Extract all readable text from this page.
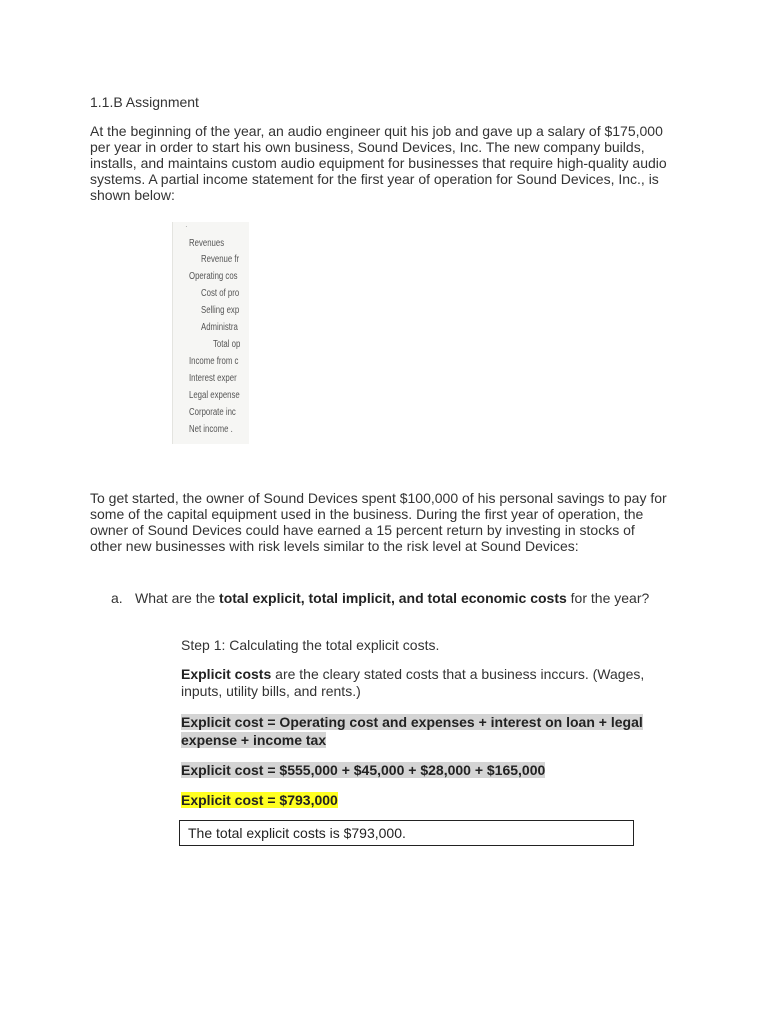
1.1.B Assignment
At the beginning of the year, an audio engineer quit his job and gave up a salary of $175,000 per year in order to start his own business, Sound Devices, Inc. The new company builds, installs, and maintains custom audio equipment for businesses that require high-quality audio systems. A partial income statement for the first year of operation for Sound Devices, Inc., is shown below:
·
Revenues
Revenue fr
Operating cos
Cost of pro
Selling exp
Administra
Total op
Income from c
Interest exper
Legal expense
Corporate inc
Net income .
To get started, the owner of Sound Devices spent $100,000 of his personal savings to pay for some of the capital equipment used in the business. During the first year of operation, the owner of Sound Devices could have earned a 15 percent return by investing in stocks of other new businesses with risk levels similar to the risk level at Sound Devices:
a. What are the total explicit, total implicit, and total economic costs for the year?
Step 1: Calculating the total explicit costs.
Explicit costs are the cleary stated costs that a business inccurs. (Wages, inputs, utility bills, and rents.)
Explicit cost = Operating cost and expenses + interest on loan + legal expense + income tax
Explicit cost = $555,000 + $45,000 + $28,000 + $165,000
Explicit cost = $793,000
The total explicit costs is $793,000.
